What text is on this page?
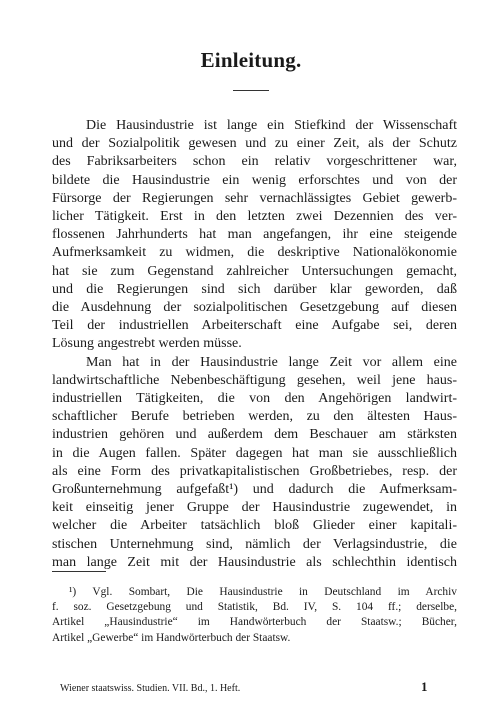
Einleitung.
Die Hausindustrie ist lange ein Stiefkind der Wissenschaft
und der Sozialpolitik gewesen und zu einer Zeit, als der Schutz
des Fabriksarbeiters schon ein relativ vorgeschrittener war,
bildete die Hausindustrie ein wenig erforschtes und von der
Fürsorge der Regierungen sehr vernachlässigtes Gebiet gewerb-
licher Tätigkeit. Erst in den letzten zwei Dezennien des ver-
flossenen Jahrhunderts hat man angefangen, ihr eine steigende
Aufmerksamkeit zu widmen, die deskriptive Nationalökonomie
hat sie zum Gegenstand zahlreicher Untersuchungen gemacht,
und die Regierungen sind sich darüber klar geworden, daß
die Ausdehnung der sozialpolitischen Gesetzgebung auf diesen
Teil der industriellen Arbeiterschaft eine Aufgabe sei, deren
Lösung angestrebt werden müsse.
Man hat in der Hausindustrie lange Zeit vor allem eine
landwirtschaftliche Nebenbeschäftigung gesehen, weil jene haus-
industriellen Tätigkeiten, die von den Angehörigen landwirt-
schaftlicher Berufe betrieben werden, zu den ältesten Haus-
industrien gehören und außerdem dem Beschauer am stärksten
in die Augen fallen. Später dagegen hat man sie ausschließlich
als eine Form des privatkapitalistischen Großbetriebes, resp. der
Großunternehmung aufgefaßt¹) und dadurch die Aufmerksam-
keit einseitig jener Gruppe der Hausindustrie zugewendet, in
welcher die Arbeiter tatsächlich bloß Glieder einer kapitali-
stischen Unternehmung sind, nämlich der Verlagsindustrie, die
man lange Zeit mit der Hausindustrie als schlechthin identisch
¹) Vgl. Sombart, Die Hausindustrie in Deutschland im Archiv
f. soz. Gesetzgebung und Statistik, Bd. IV, S. 104 ff.; derselbe,
Artikel „Hausindustrie“ im Handwörterbuch der Staatsw.; Bücher,
Artikel „Gewerbe“ im Handwörterbuch der Staatsw.
Wiener staatswiss. Studien. VII. Bd., 1. Heft.	1
